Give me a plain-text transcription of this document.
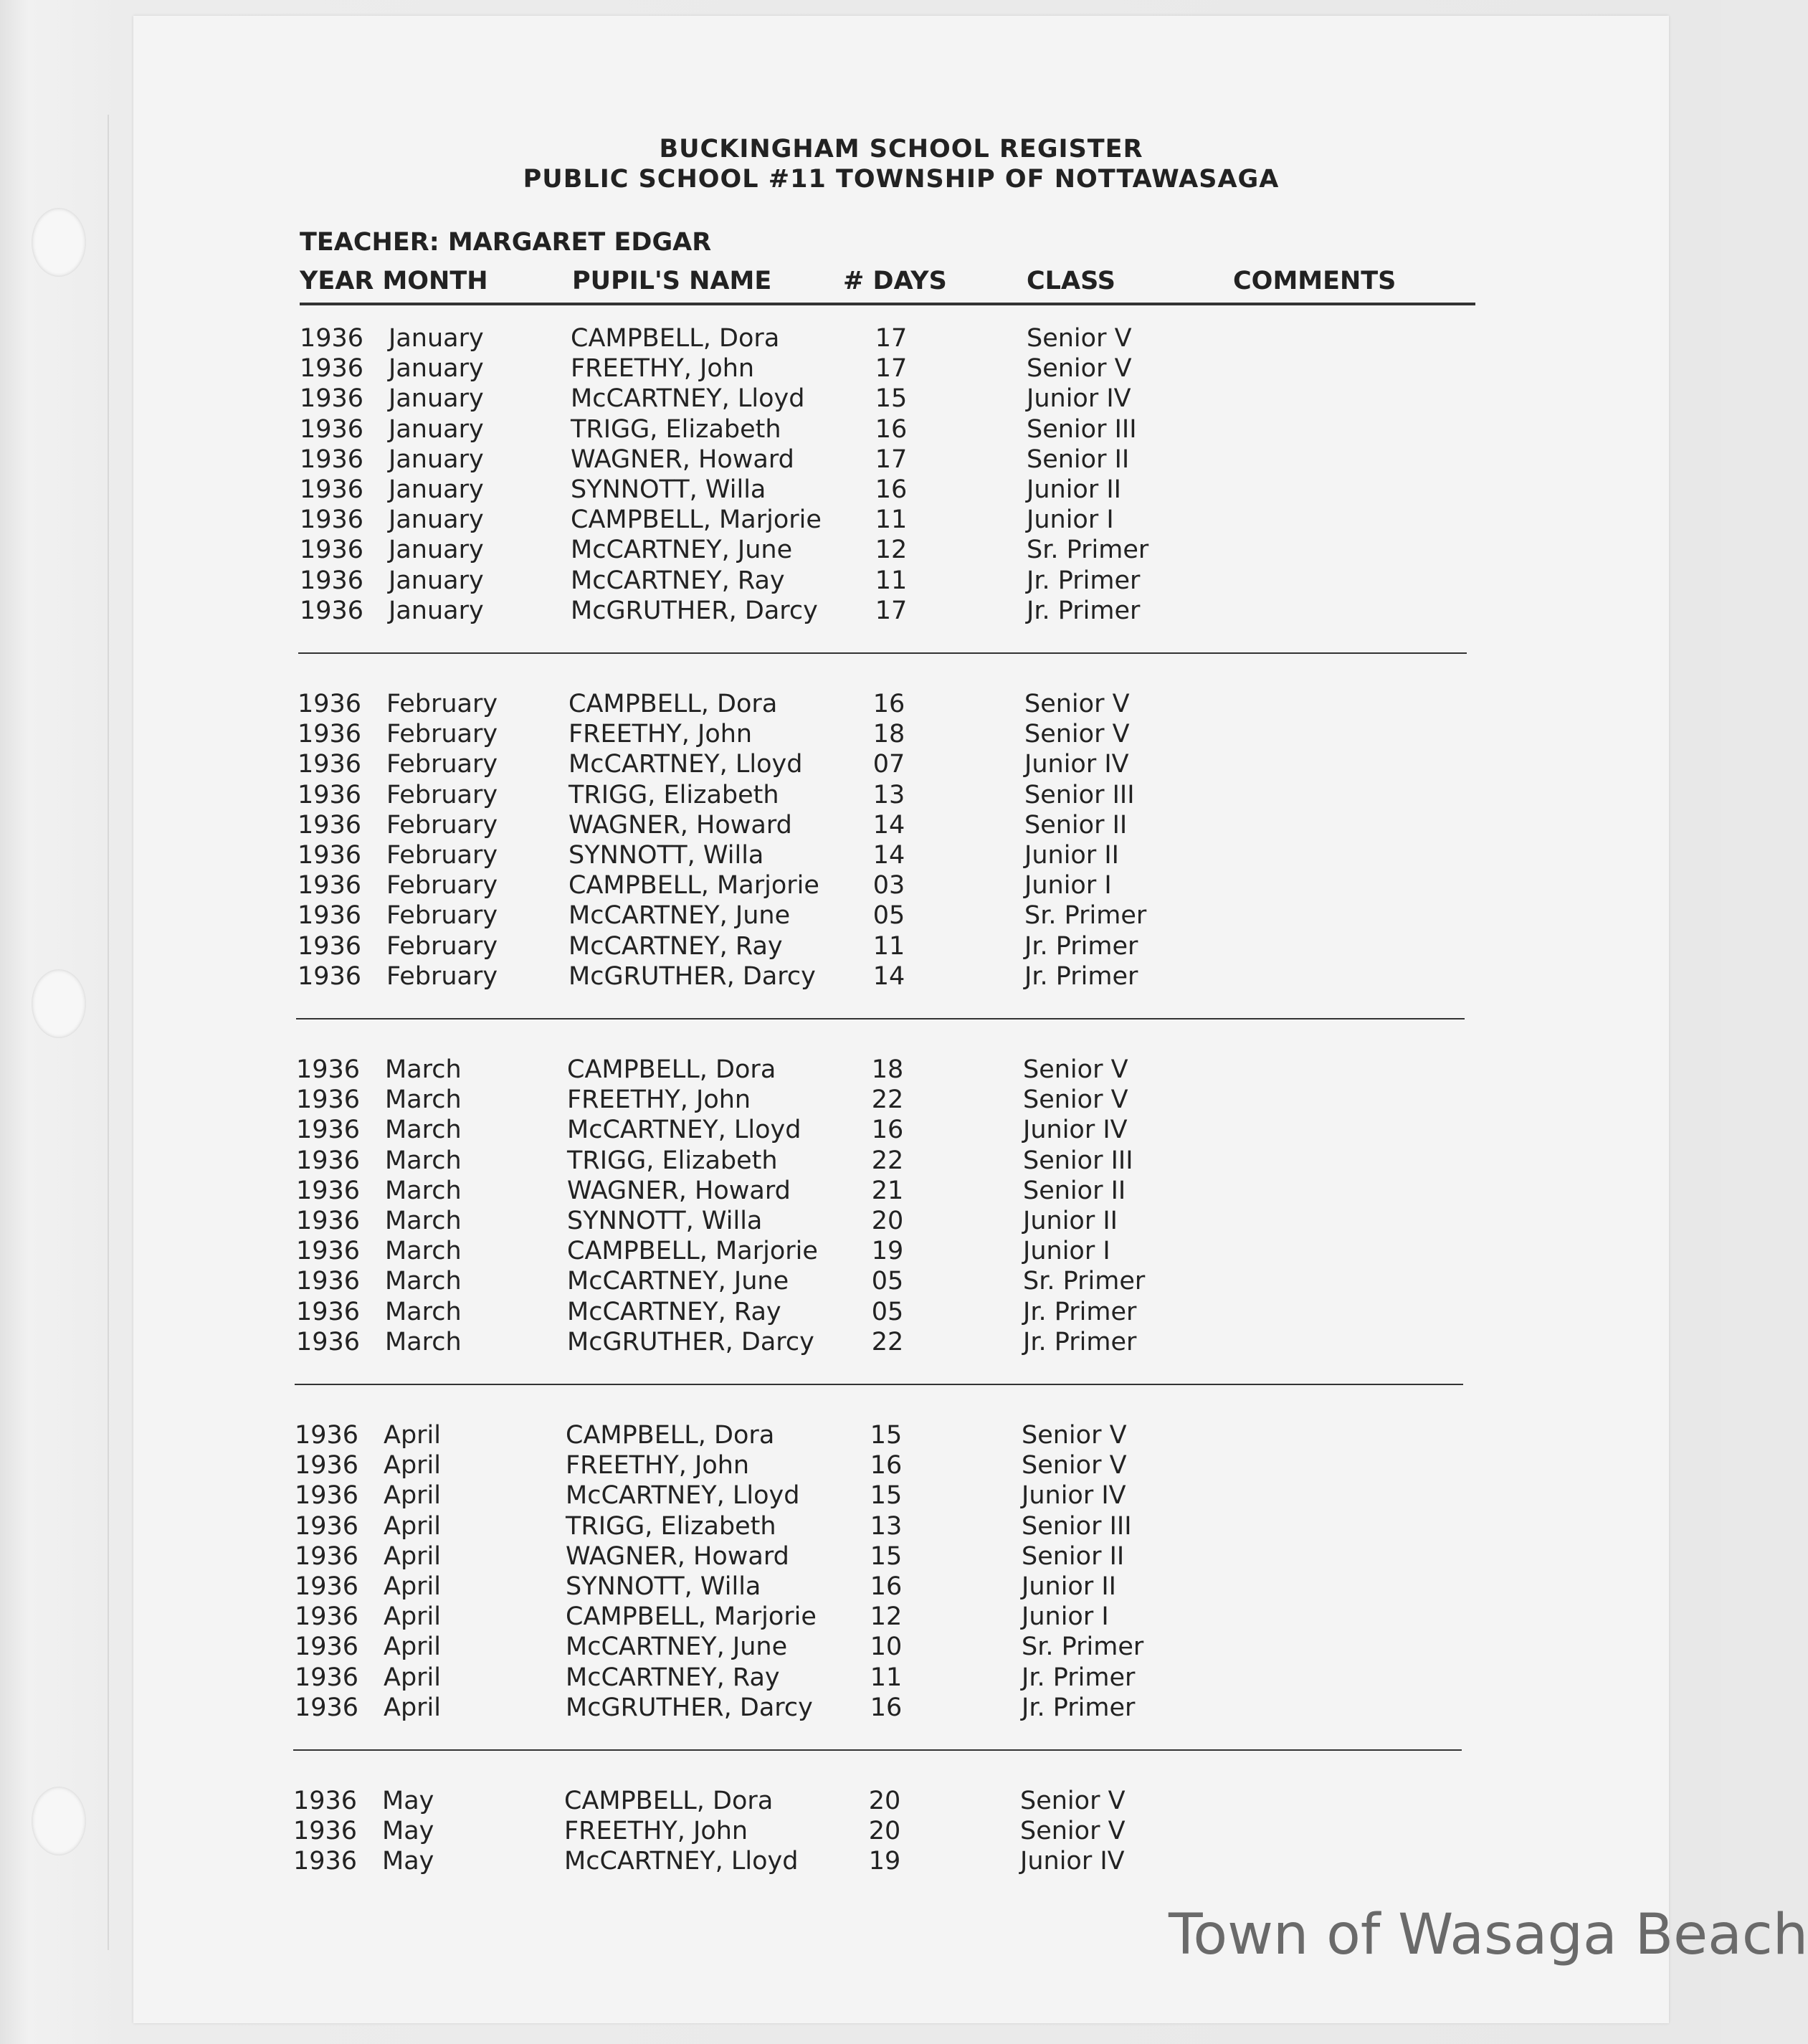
BUCKINGHAM SCHOOL REGISTER
PUBLIC SCHOOL #11 TOWNSHIP OF NOTTAWASAGA
TEACHER: MARGARET EDGAR
YEAR MONTH	PUPIL'S NAME	# DAYS	CLASS	COMMENTS
1936 January	CAMPBELL, Dora	17	Senior V
1936 January	FREETHY, John	17	Senior V
1936 January	McCARTNEY, Lloyd	15	Junior IV
1936 January	TRIGG, Elizabeth	16	Senior III
1936 January	WAGNER, Howard	17	Senior II
1936 January	SYNNOTT, Willa	16	Junior II
1936 January	CAMPBELL, Marjorie	11	Junior I
1936 January	McCARTNEY, June	12	Sr. Primer
1936 January	McCARTNEY, Ray	11	Jr. Primer
1936 January	McGRUTHER, Darcy	17	Jr. Primer
1936 February	CAMPBELL, Dora	16	Senior V
1936 February	FREETHY, John	18	Senior V
1936 February	McCARTNEY, Lloyd	07	Junior IV
1936 February	TRIGG, Elizabeth	13	Senior III
1936 February	WAGNER, Howard	14	Senior II
1936 February	SYNNOTT, Willa	14	Junior II
1936 February	CAMPBELL, Marjorie	03	Junior I
1936 February	McCARTNEY, June	05	Sr. Primer
1936 February	McCARTNEY, Ray	11	Jr. Primer
1936 February	McGRUTHER, Darcy	14	Jr. Primer
1936 March	CAMPBELL, Dora	18	Senior V
1936 March	FREETHY, John	22	Senior V
1936 March	McCARTNEY, Lloyd	16	Junior IV
1936 March	TRIGG, Elizabeth	22	Senior III
1936 March	WAGNER, Howard	21	Senior II
1936 March	SYNNOTT, Willa	20	Junior II
1936 March	CAMPBELL, Marjorie	19	Junior I
1936 March	McCARTNEY, June	05	Sr. Primer
1936 March	McCARTNEY, Ray	05	Jr. Primer
1936 March	McGRUTHER, Darcy	22	Jr. Primer
1936 April	CAMPBELL, Dora	15	Senior V
1936 April	FREETHY, John	16	Senior V
1936 April	McCARTNEY, Lloyd	15	Junior IV
1936 April	TRIGG, Elizabeth	13	Senior III
1936 April	WAGNER, Howard	15	Senior II
1936 April	SYNNOTT, Willa	16	Junior II
1936 April	CAMPBELL, Marjorie	12	Junior I
1936 April	McCARTNEY, June	10	Sr. Primer
1936 April	McCARTNEY, Ray	11	Jr. Primer
1936 April	McGRUTHER, Darcy	16	Jr. Primer
1936 May	CAMPBELL, Dora	20	Senior V
1936 May	FREETHY, John	20	Senior V
1936 May	McCARTNEY, Lloyd	19	Junior IV
Town of Wasaga Beach
